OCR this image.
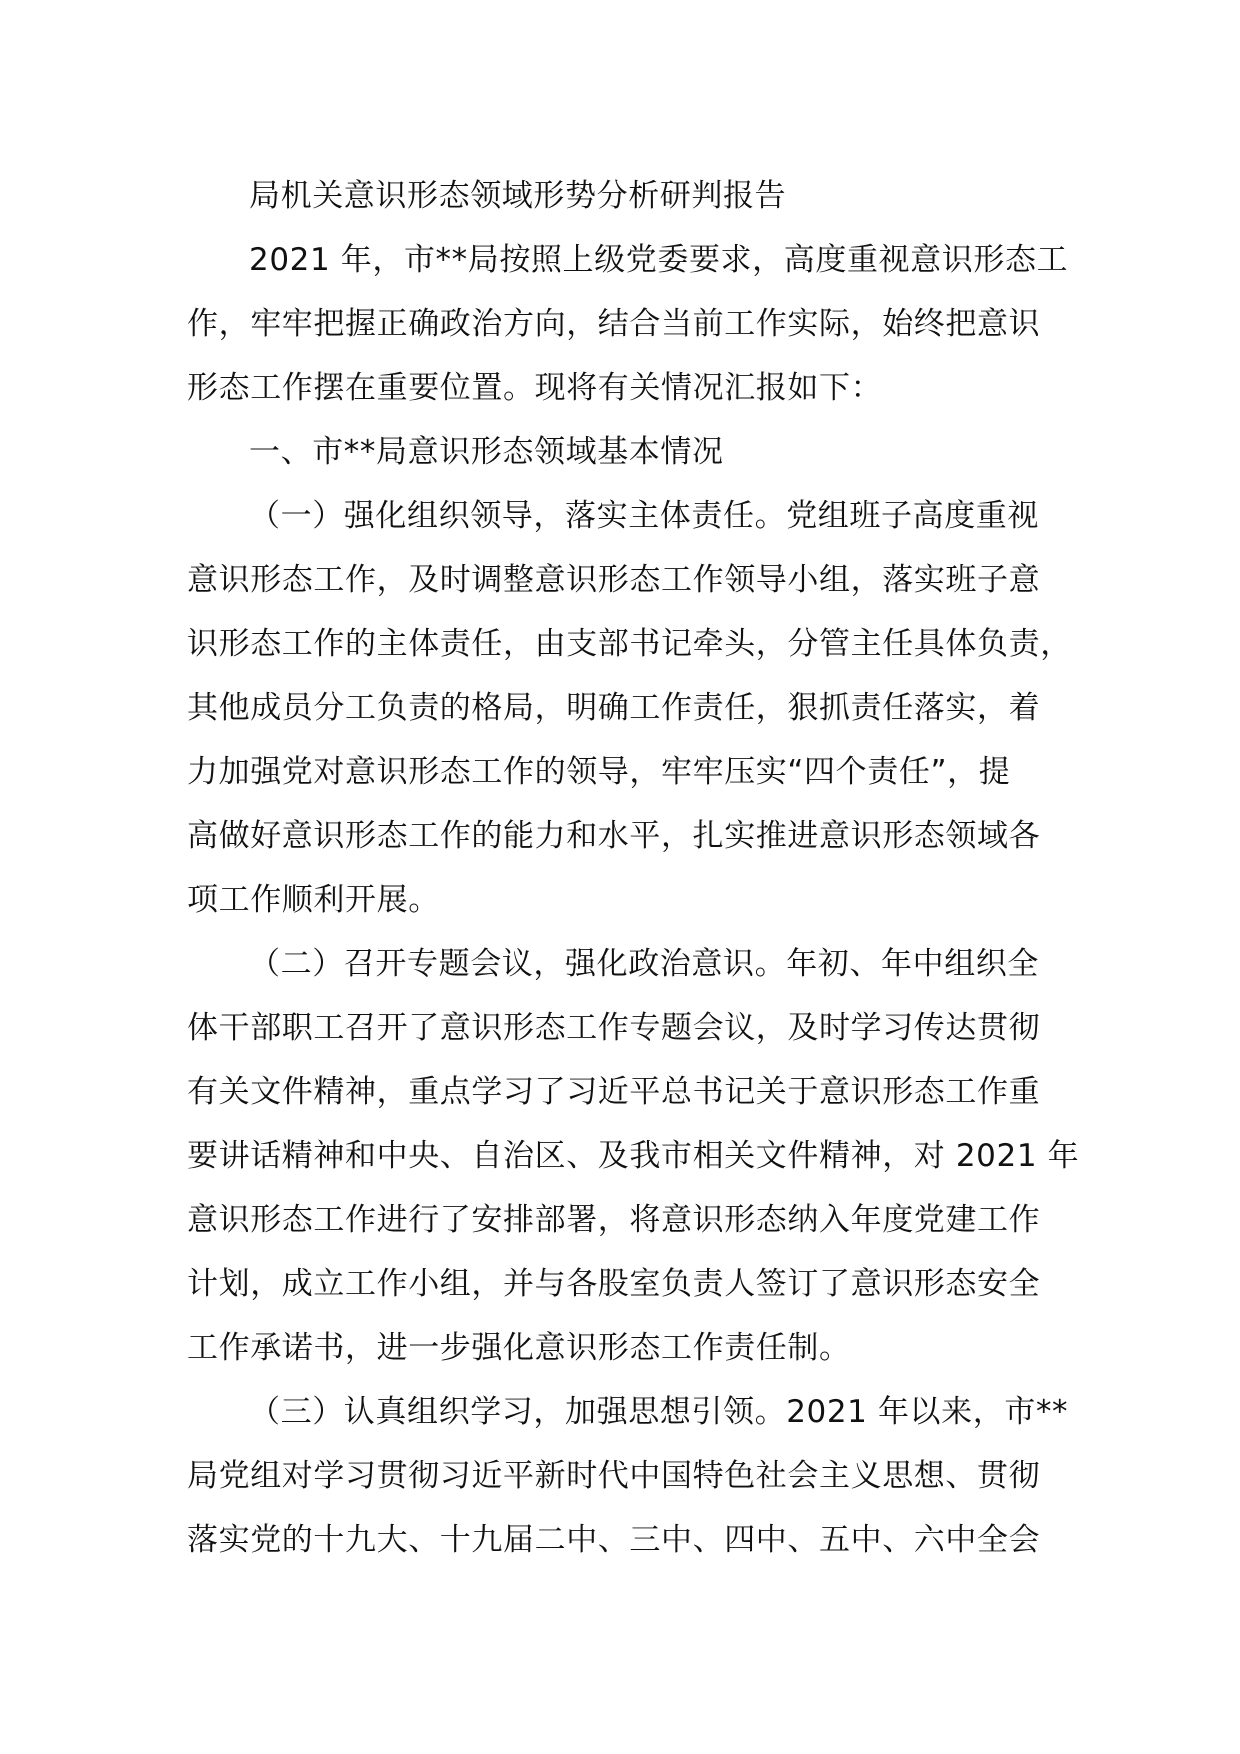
局机关意识形态领域形势分析研判报告
2021 年，市**局按照上级党委要求，高度重视意识形态工
作，牢牢把握正确政治方向，结合当前工作实际，始终把意识
形态工作摆在重要位置。现将有关情况汇报如下：
一、市**局意识形态领域基本情况
（一）强化组织领导，落实主体责任。党组班子高度重视
意识形态工作，及时调整意识形态工作领导小组，落实班子意
识形态工作的主体责任，由支部书记牵头，分管主任具体负责，
其他成员分工负责的格局，明确工作责任，狠抓责任落实，着
力加强党对意识形态工作的领导，牢牢压实“四个责任”，提
高做好意识形态工作的能力和水平，扎实推进意识形态领域各
项工作顺利开展。
（二）召开专题会议，强化政治意识。年初、年中组织全
体干部职工召开了意识形态工作专题会议，及时学习传达贯彻
有关文件精神，重点学习了习近平总书记关于意识形态工作重
要讲话精神和中央、自治区、及我市相关文件精神，对 2021 年
意识形态工作进行了安排部署，将意识形态纳入年度党建工作
计划，成立工作小组，并与各股室负责人签订了意识形态安全
工作承诺书，进一步强化意识形态工作责任制。
（三）认真组织学习，加强思想引领。2021 年以来，市**
局党组对学习贯彻习近平新时代中国特色社会主义思想、贯彻
落实党的十九大、十九届二中、三中、四中、五中、六中全会
